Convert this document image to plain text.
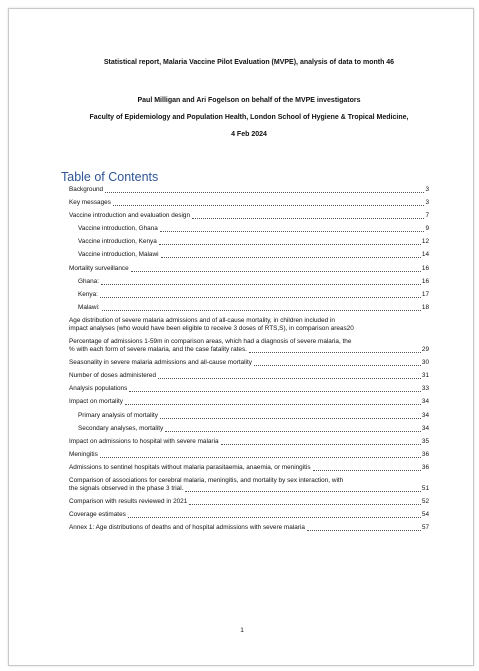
Statistical report, Malaria Vaccine Pilot Evaluation (MVPE), analysis of data to month 46
Paul Milligan and Ari Fogelson on behalf of the MVPE investigators
Faculty of Epidemiology and Population Health, London School of Hygiene & Tropical Medicine,
4 Feb 2024
Table of Contents
Background	3
Key messages	3
Vaccine introduction and evaluation design	7
Vaccine introduction, Ghana	9
Vaccine introduction, Kenya	12
Vaccine introduction, Malawi	14
Mortality surveillance	16
Ghana:	16
Kenya:	17
Malawi:	18
Age distribution of severe malaria admissions and of all-cause mortality, in children included in
impact analyses (who would have been eligible to receive 3 doses of RTS,S), in comparison areas 20
Percentage of admissions 1-59m in comparison areas, which had a diagnosis of severe malaria, the
% with each form of severe malaria, and the case fatality rates.	29
Seasonality in severe malaria admissions and all-cause mortality	30
Number of doses administered	31
Analysis populations	33
Impact on mortality	34
Primary analysis of mortality	34
Secondary analyses, mortality	34
Impact on admissions to hospital with severe malaria	35
Meningitis	36
Admissions to sentinel hospitals without malaria parasitaemia, anaemia, or meningitis	36
Comparison of associations for cerebral malaria, meningitis, and mortality by sex interaction, with
the signals observed in the phase 3 trial.	51
Comparison with results reviewed in 2021	52
Coverage estimates	54
Annex 1: Age distributions of deaths and of hospital admissions with severe malaria	57
1
